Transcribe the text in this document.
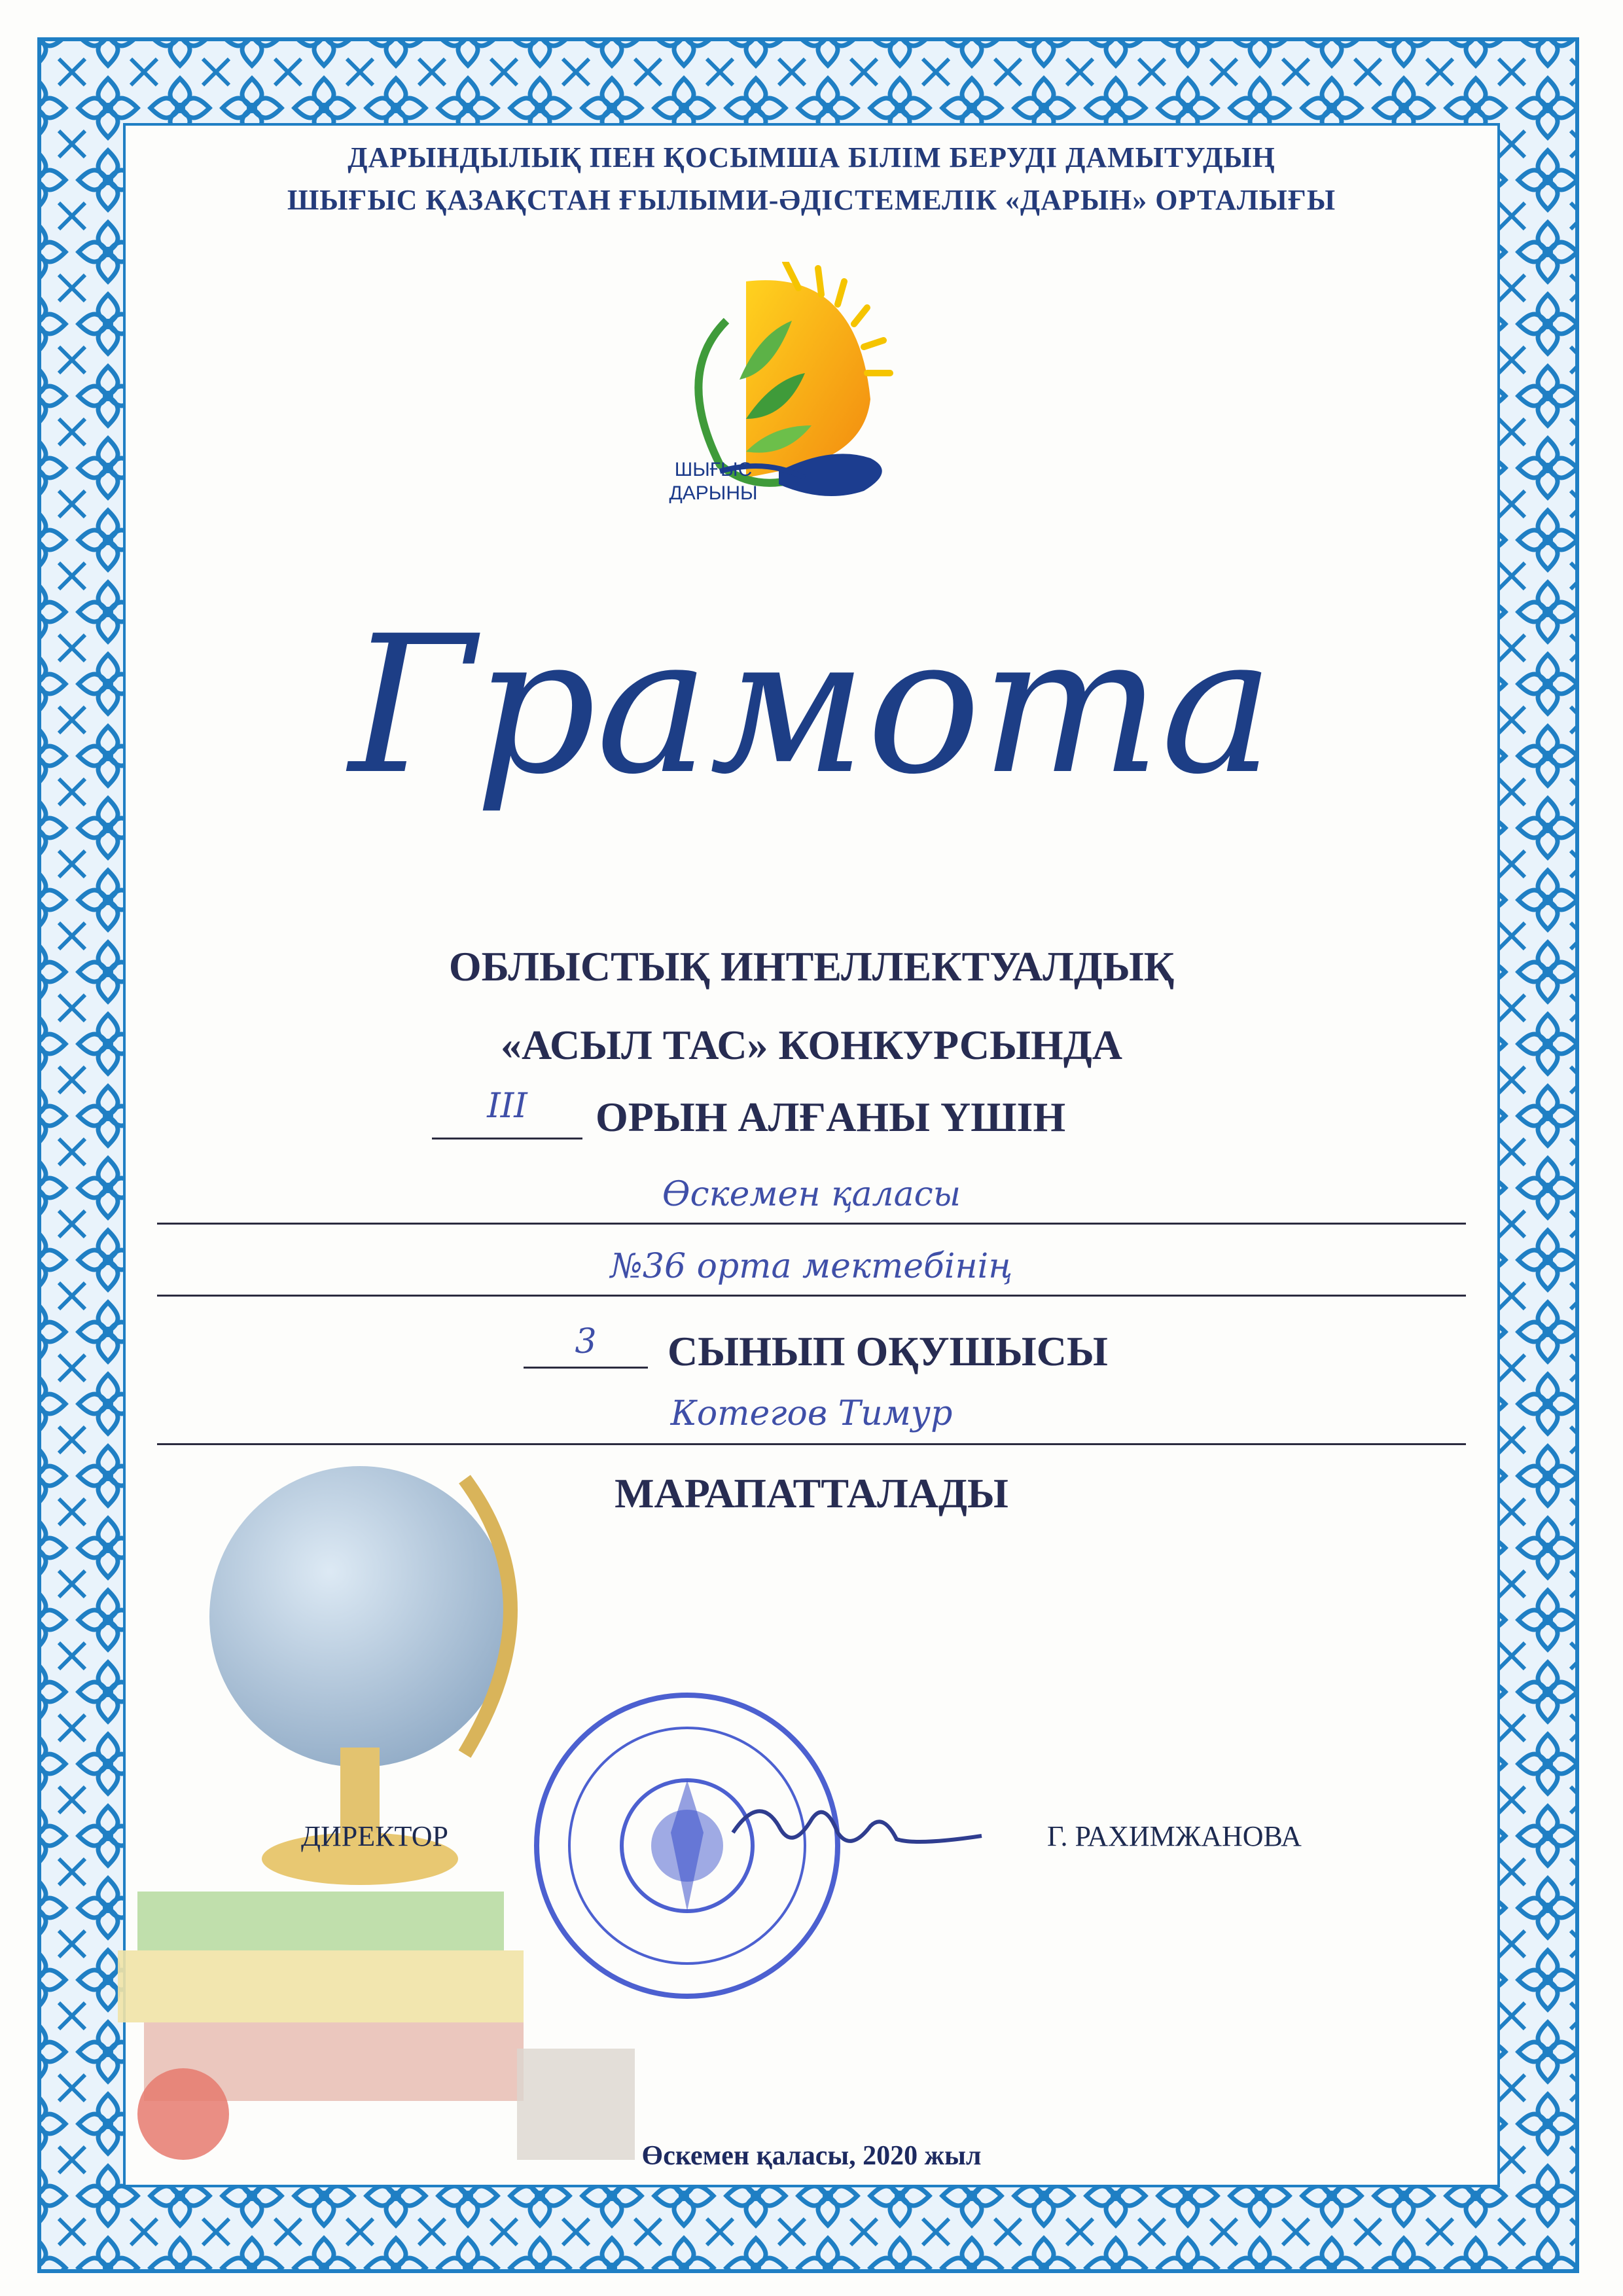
ДАРЫНДЫЛЫҚ ПЕН ҚОСЫМША БІЛІМ БЕРУДІ ДАМЫТУДЫҢ
ШЫҒЫС ҚАЗАҚСТАН ҒЫЛЫМИ-ӘДІСТЕМЕЛІК «ДАРЫН» ОРТАЛЫҒЫ
ШЫҒЫС
ДАРЫНЫ
Грамота
ОБЛЫСТЫҚ ИНТЕЛЛЕКТУАЛДЫҚ
«АСЫЛ ТАС» КОНКУРСЫНДА
III	ОРЫН АЛҒАНЫ ҮШІН
Өскемен қаласы
№36 орта мектебінің
3	СЫНЫП ОҚУШЫСЫ
Котегов Тимур
МАРАПАТТАЛАДЫ
ДИРЕКТОР	Г. РАХИМЖАНОВА
Өскемен қаласы, 2020 жыл
